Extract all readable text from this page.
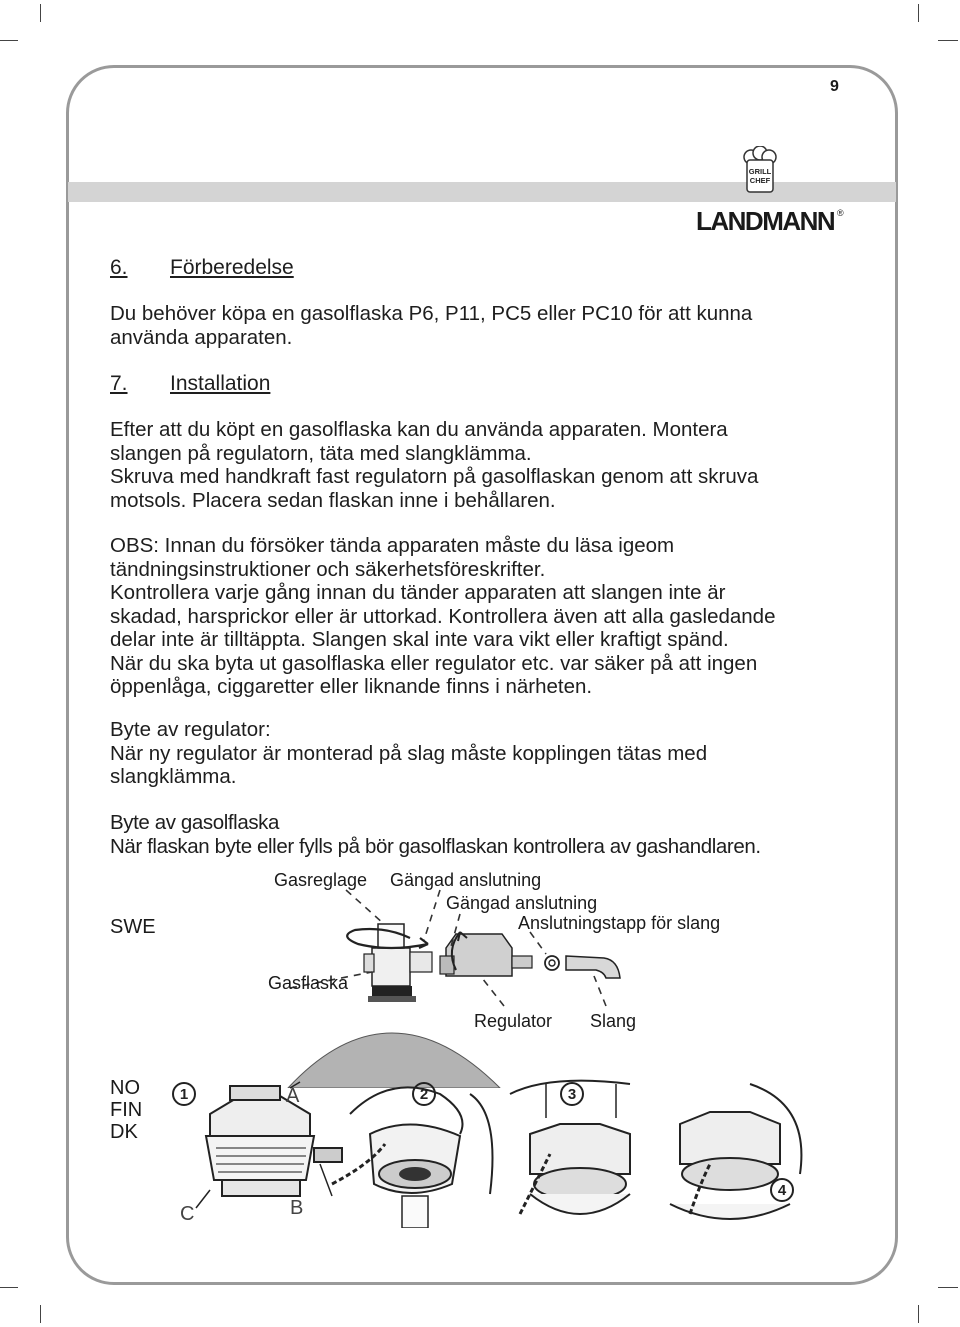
9
GRILL
CHEF
LANDMANN ®
6. Förberedelse
Du behöver köpa en gasolflaska P6, P11, PC5 eller PC10 för att kunna
använda apparaten.
7. Installation
Efter att du köpt en gasolflaska kan du använda apparaten. Montera
slangen på regulatorn, täta med slangklämma.
Skruva med handkraft fast regulatorn på gasolflaskan genom att skruva
motsols. Placera sedan flaskan inne i behållaren.
OBS: Innan du försöker tända apparaten måste du läsa igeom
tändningsinstruktioner och säkerhetsföreskrifter.
Kontrollera varje gång innan du tänder apparaten att slangen inte är
skadad, harsprickor eller är uttorkad. Kontrollera även att alla gasledande
delar inte är tilltäppta. Slangen skal inte vara vikt eller kraftigt spänd.
När du ska byta ut gasolflaska eller regulator etc. var säker på att ingen
öppenlåga, ciggaretter eller liknande finns i närheten.
Byte av regulator:
När ny regulator är monterad på slag måste kopplingen tätas med
slangklämma.
Byte av gasolflaska
När flaskan byte eller fylls på bör gasolflaskan kontrollera av gashandlaren.
SWE
Gasreglage Gängad anslutning
Gängad anslutning
Anslutningstapp för slang
Gasflaska
Regulator Slang
NO
FIN
DK
1	2	3
4
A
B
C
